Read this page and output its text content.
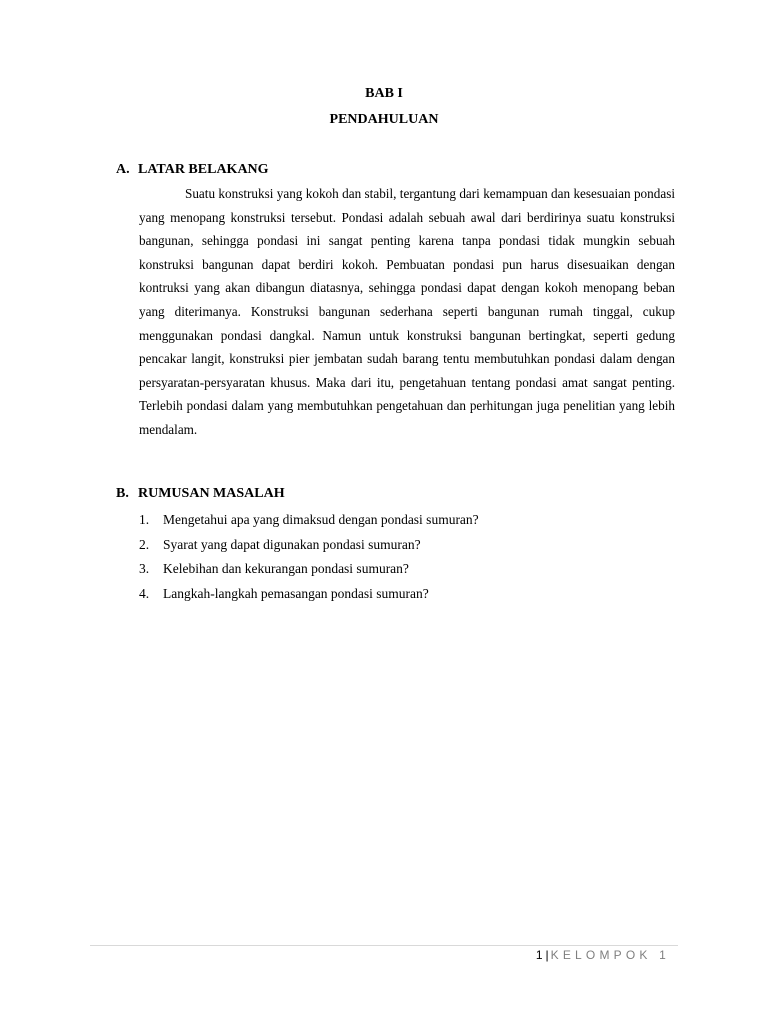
BAB I
PENDAHULUAN
A. LATAR BELAKANG

Suatu konstruksi yang kokoh dan stabil, tergantung dari kemampuan dan kesesuaian pondasi yang menopang konstruksi tersebut. Pondasi adalah sebuah awal dari berdirinya suatu konstruksi bangunan, sehingga pondasi ini sangat penting karena tanpa pondasi tidak mungkin sebuah konstruksi bangunan dapat berdiri kokoh. Pembuatan pondasi pun harus disesuaikan dengan kontruksi yang akan dibangun diatasnya, sehingga pondasi dapat dengan kokoh menopang beban yang diterimanya. Konstruksi bangunan sederhana seperti bangunan rumah tinggal, cukup menggunakan pondasi dangkal. Namun untuk konstruksi bangunan bertingkat, seperti gedung pencakar langit, konstruksi pier jembatan sudah barang tentu membutuhkan pondasi dalam dengan persyaratan-persyaratan khusus. Maka dari itu, pengetahuan tentang pondasi amat sangat penting. Terlebih pondasi dalam yang membutuhkan pengetahuan dan perhitungan juga penelitian yang lebih mendalam.

B. RUMUSAN MASALAH
1. Mengetahui apa yang dimaksud dengan pondasi sumuran?
2. Syarat yang dapat digunakan pondasi sumuran?
3. Kelebihan dan kekurangan pondasi sumuran?
4. Langkah-langkah pemasangan pondasi sumuran?
1 | KELOMPOK 1
